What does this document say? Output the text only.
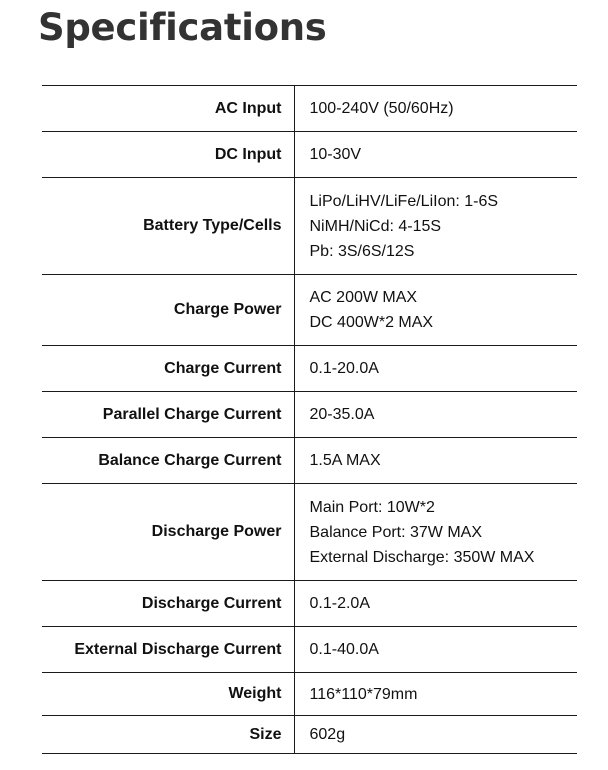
Specifications
AC Input	100-240V (50/60Hz)

DC Input	10-30V

Battery Type/Cells	LiPo/LiHV/LiFe/LiIon: 1-6S
NiMH/NiCd: 4-15S
Pb: 3S/6S/12S

Charge Power	AC 200W MAX
DC 400W*2 MAX

Charge Current	0.1-20.0A

Parallel Charge Current	20-35.0A

Balance Charge Current	1.5A MAX

Discharge Power	Main Port: 10W*2
Balance Port: 37W MAX
External Discharge: 350W MAX

Discharge Current	0.1-2.0A

External Discharge Current	0.1-40.0A

Weight	116*110*79mm

Size	602g
